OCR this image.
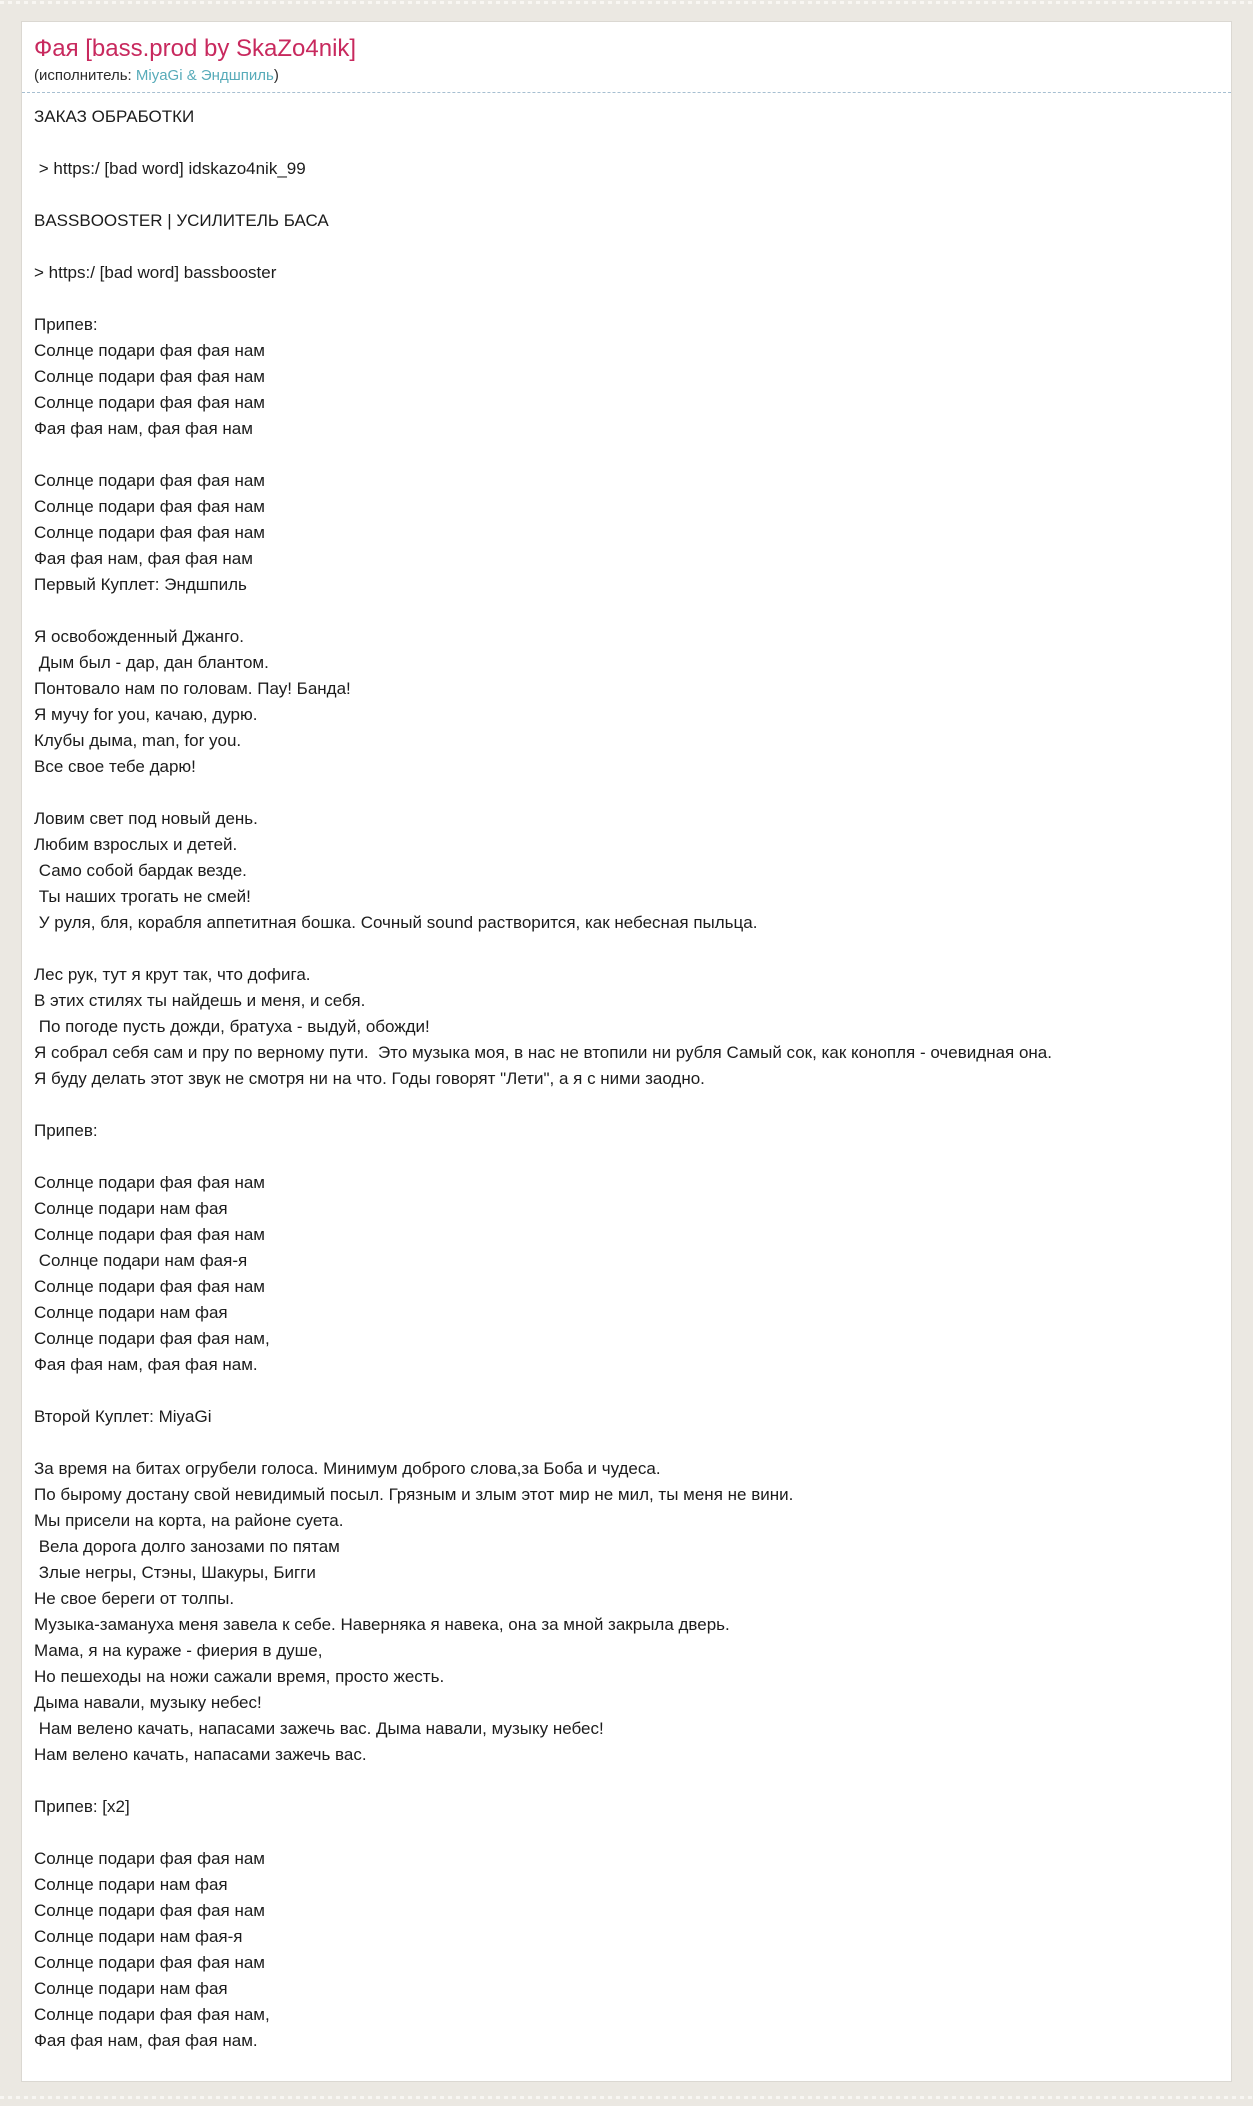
Фая [bass.prod by SkaZo4nik]
(исполнитель: MiyaGi & Эндшпиль)
ЗАКАЗ ОБРАБОТКИ
> https:/ [bad word] idskazo4nik_99
BASSBOOSTER | УСИЛИТЕЛЬ БАСА
> https:/ [bad word] bassbooster
Припев:
Солнце подари фая фая нам
Солнце подари фая фая нам
Солнце подари фая фая нам
Фая фая нам, фая фая нам
Солнце подари фая фая нам
Солнце подари фая фая нам
Солнце подари фая фая нам
Фая фая нам, фая фая нам
Первый Куплет: Эндшпиль
Я освобожденный Джанго.
Дым был - дар, дан блантом.
Понтовало нам по головам. Пау! Банда!
Я мучу for you, качаю, дурю.
Клубы дыма, man, for you.
Все свое тебе дарю!
Ловим свет под новый день.
Любим взрослых и детей.
Само собой бардак везде.
Ты наших трогать не смей!
У руля, бля, корабля аппетитная бошка. Сочный sound растворится, как небесная пыльца.
Лес рук, тут я крут так, что дофига.
В этих стилях ты найдешь и меня, и себя.
По погоде пусть дожди, братуха - выдуй, обожди!
Я собрал себя сам и пру по верному пути.  Это музыка моя, в нас не втопили ни рубля Самый сок, как конопля - очевидная она.
Я буду делать этот звук не смотря ни на что. Годы говорят "Лети", а я с ними заодно.
Припев:
Солнце подари фая фая нам
Солнце подари нам фая
Солнце подари фая фая нам
Солнце подари нам фая-я
Солнце подари фая фая нам
Солнце подари нам фая
Солнце подари фая фая нам,
Фая фая нам, фая фая нам.
Второй Куплет: MiyaGi
За время на битах огрубели голоса. Минимум доброго слова,за Боба и чудеса.
По бырому достану свой невидимый посыл. Грязным и злым этот мир не мил, ты меня не вини.
Мы присели на корта, на районе суета.
Вела дорога долго занозами по пятам
Злые негры, Стэны, Шакуры, Бигги
Не свое береги от толпы.
Музыка-замануха меня завела к себе. Наверняка я навека, она за мной закрыла дверь.
Мама, я на кураже - фиерия в душе,
Но пешеходы на ножи сажали время, просто жесть.
Дыма навали, музыку небес!
Нам велено качать, напасами зажечь вас. Дыма навали, музыку небес!
Нам велено качать, напасами зажечь вас.
Припев: [x2]
Солнце подари фая фая нам
Солнце подари нам фая
Солнце подари фая фая нам
Солнце подари нам фая-я
Солнце подари фая фая нам
Солнце подари нам фая
Солнце подари фая фая нам,
Фая фая нам, фая фая нам.
